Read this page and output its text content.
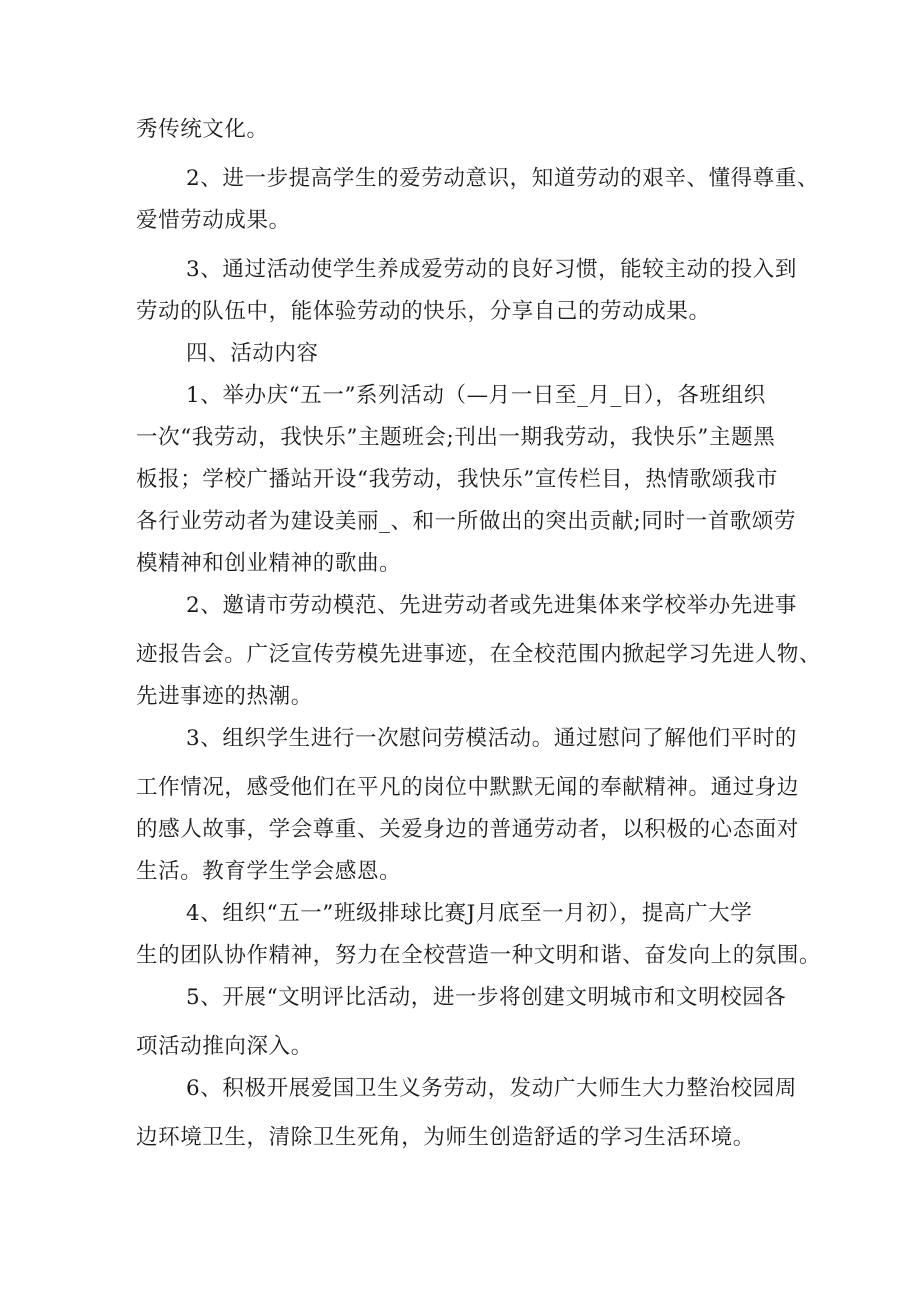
秀传统文化。
2、进一步提高学生的爱劳动意识，知道劳动的艰辛、懂得尊重、
爱惜劳动成果。
3、通过活动使学生养成爱劳动的良好习惯，能较主动的投入到
劳动的队伍中，能体验劳动的快乐，分享自己的劳动成果。
四、活动内容
1、举办庆“五一”系列活动（—月一日至_月_日），各班组织
一次“我劳动，我快乐”主题班会;刊出一期我劳动，我快乐”主题黑
板报；学校广播站开设“我劳动，我快乐”宣传栏目，热情歌颂我市
各行业劳动者为建设美丽_、和一所做出的突出贡献;同时一首歌颂劳
模精神和创业精神的歌曲。
2、邀请市劳动模范、先进劳动者或先进集体来学校举办先进事
迹报告会。广泛宣传劳模先进事迹，在全校范围内掀起学习先进人物、
先进事迹的热潮。
3、组织学生进行一次慰问劳模活动。通过慰问了解他们平时的
工作情况，感受他们在平凡的岗位中默默无闻的奉献精神。通过身边
的感人故事，学会尊重、关爱身边的普通劳动者，以积极的心态面对
生活。教育学生学会感恩。
4、组织“五一”班级排球比赛J月底至一月初），提高广大学
生的团队协作精神，努力在全校营造一种文明和谐、奋发向上的氛围。
5、开展“文明评比活动，进一步将创建文明城市和文明校园各
项活动推向深入。
6、积极开展爱国卫生义务劳动，发动广大师生大力整治校园周
边环境卫生，清除卫生死角，为师生创造舒适的学习生活环境。
